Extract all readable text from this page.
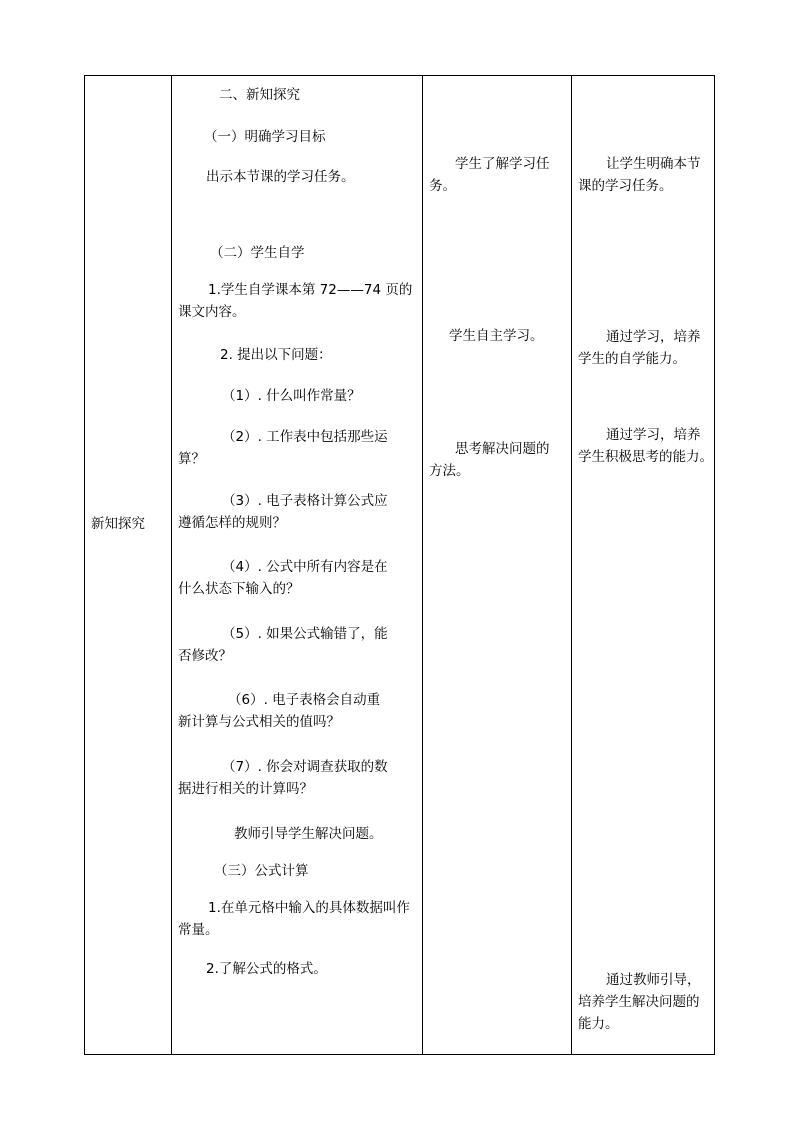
新知探究
二、新知探究
（一）明确学习目标
出示本节课的学习任务。
（二）学生自学
1.学生自学课本第 72——74 页的
课文内容。
2. 提出以下问题：
（1）. 什么叫作常量？
（2）. 工作表中包括那些运
算？
（3）. 电子表格计算公式应
遵循怎样的规则？
（4）. 公式中所有内容是在
什么状态下输入的？
（5）. 如果公式输错了，能
否修改？
（6）. 电子表格会自动重
新计算与公式相关的值吗？
（7）. 你会对调查获取的数
据进行相关的计算吗？
教师引导学生解决问题。
（三）公式计算
1.在单元格中输入的具体数据叫作
常量。
2.了解公式的格式。
学生了解学习任
务。
学生自主学习。
思考解决问题的
方法。
让学生明确本节
课的学习任务。
通过学习，培养
学生的自学能力。
通过学习，培养
学生积极思考的能力。
通过教师引导，
培养学生解决问题的
能力。
